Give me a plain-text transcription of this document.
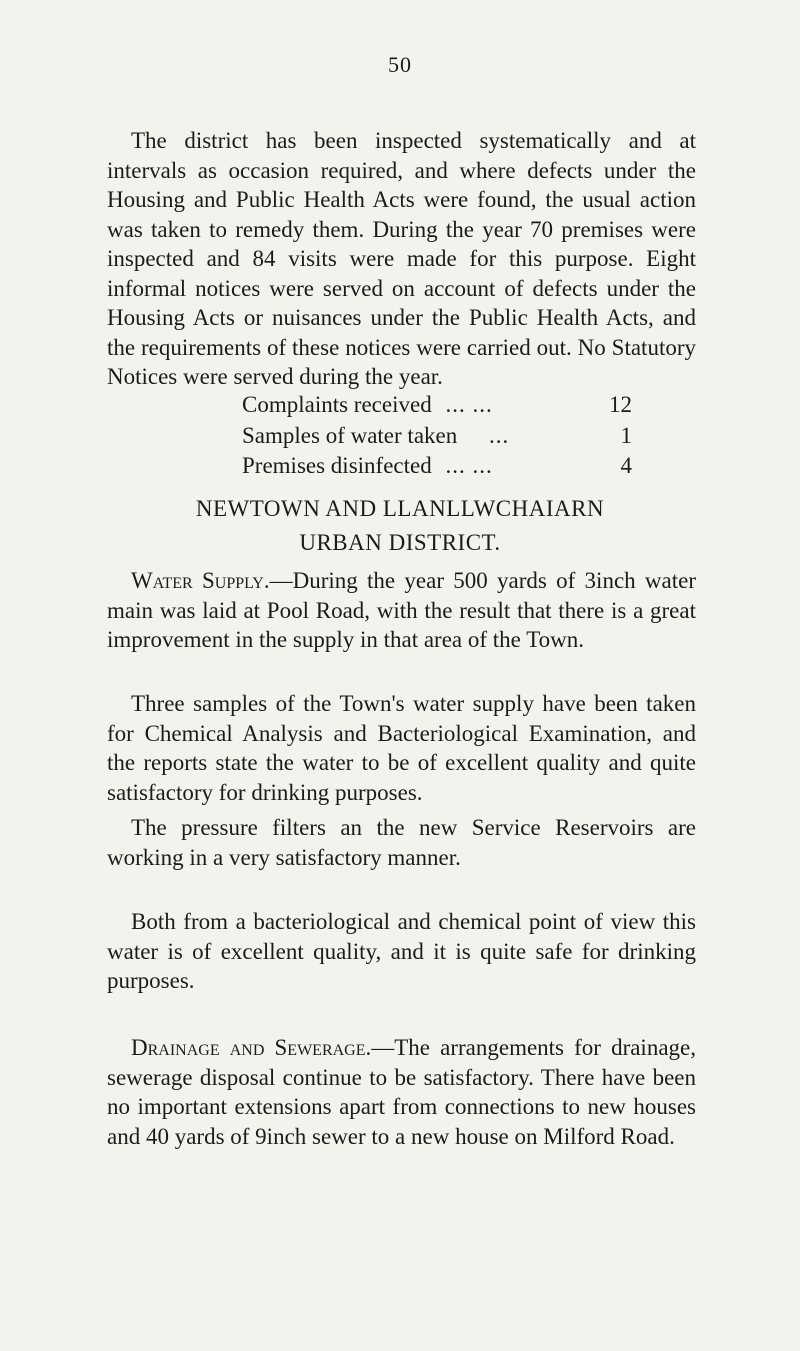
50

The district has been inspected systematically and at intervals as occasion required, and where defects under the Housing and Public Health Acts were found, the usual action was taken to remedy them. During the year 70 premises were inspected and 84 visits were made for this purpose. Eight informal notices were served on account of defects under the Housing Acts or nuisances under the Public Health Acts, and the requirements of these notices were carried out. No Statutory Notices were served during the year.

Complaints received ... ...	12
Samples of water taken ...	1
Premises disinfected ... ...	4
NEWTOWN AND LLANLLWCHAIARN
URBAN DISTRICT.

Water Supply.—During the year 500 yards of 3inch water main was laid at Pool Road, with the result that there is a great improvement in the supply in that area of the Town.

Three samples of the Town's water supply have been taken for Chemical Analysis and Bacteriological Examination, and the reports state the water to be of excellent quality and quite satisfactory for drinking purposes.

The pressure filters an the new Service Reservoirs are working in a very satisfactory manner.

Both from a bacteriological and chemical point of view this water is of excellent quality, and it is quite safe for drinking purposes.

Drainage and Sewerage.—The arrangements for drainage, sewerage disposal continue to be satisfactory. There have been no important extensions apart from connections to new houses and 40 yards of 9inch sewer to a new house on Milford Road.
